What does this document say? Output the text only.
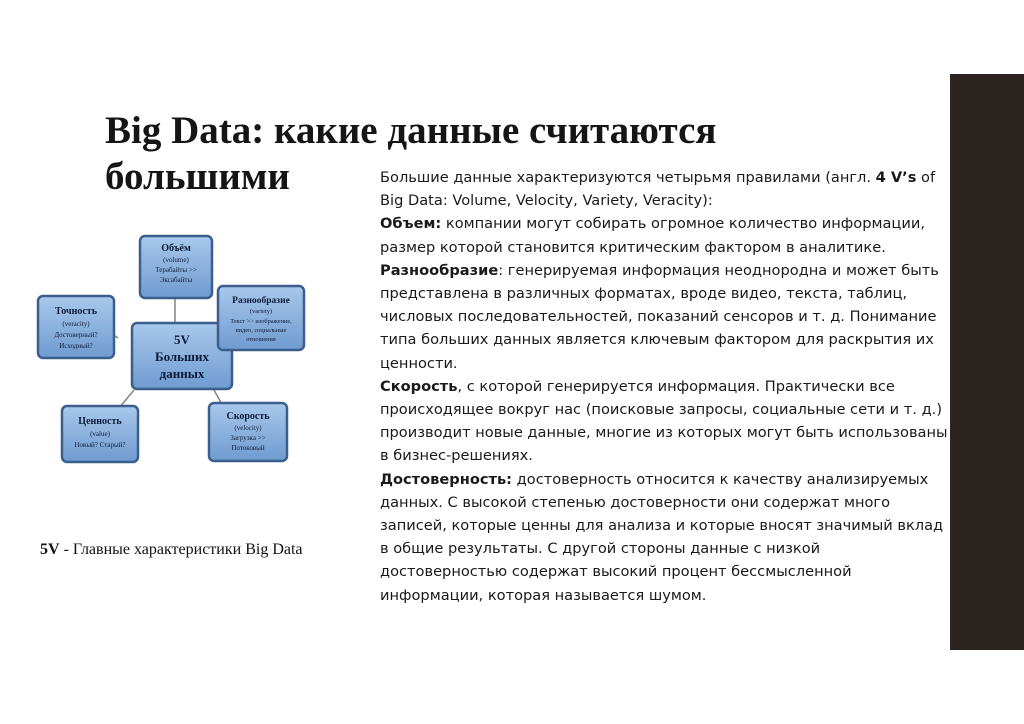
Big Data: какие данные считаются большими	Большие данные характеризуются четырьмя правилами (англ. 4 V’s of Big Data: Volume, Velocity, Variety, Veracity):

Объем: компании могут собирать огромное количество информации, размер которой становится критическим фактором в аналитике.

Разнообразие: генерируемая информация неоднородна и может быть представлена в различных форматах, вроде видео, текста, таблиц, числовых последовательностей, показаний сенсоров и т. д. Понимание типа больших данных является ключевым фактором для раскрытия их ценности.

Скорость, с которой генерируется информация. Практически все происходящее вокруг нас (поисковые запросы, социальные сети и т. д.) производит новые данные, многие из которых могут быть использованы в бизнес-решениях.

Достоверность: достоверность относится к качеству анализируемых данных. С высокой степенью достоверности они содержат много записей, которые ценны для анализа и которые вносят значимый вклад в общие результаты. С другой стороны данные с низкой достоверностью содержат высокий процент бессмысленной информации, которая называется шумом.

5V
Больших
данных
Объём
(volume)
Терабайты >>
Эксабайты
Разнообразие
(variety)
Текст >> изображение,
видео, социальные
отношения
Скорость
(velocity)
Загрузка >>
Потоковый
Ценность
(value)
Новый? Старый?
Точность
(veracity)
Достоверный?
Исходный?

5V - Главные характеристики Big Data
